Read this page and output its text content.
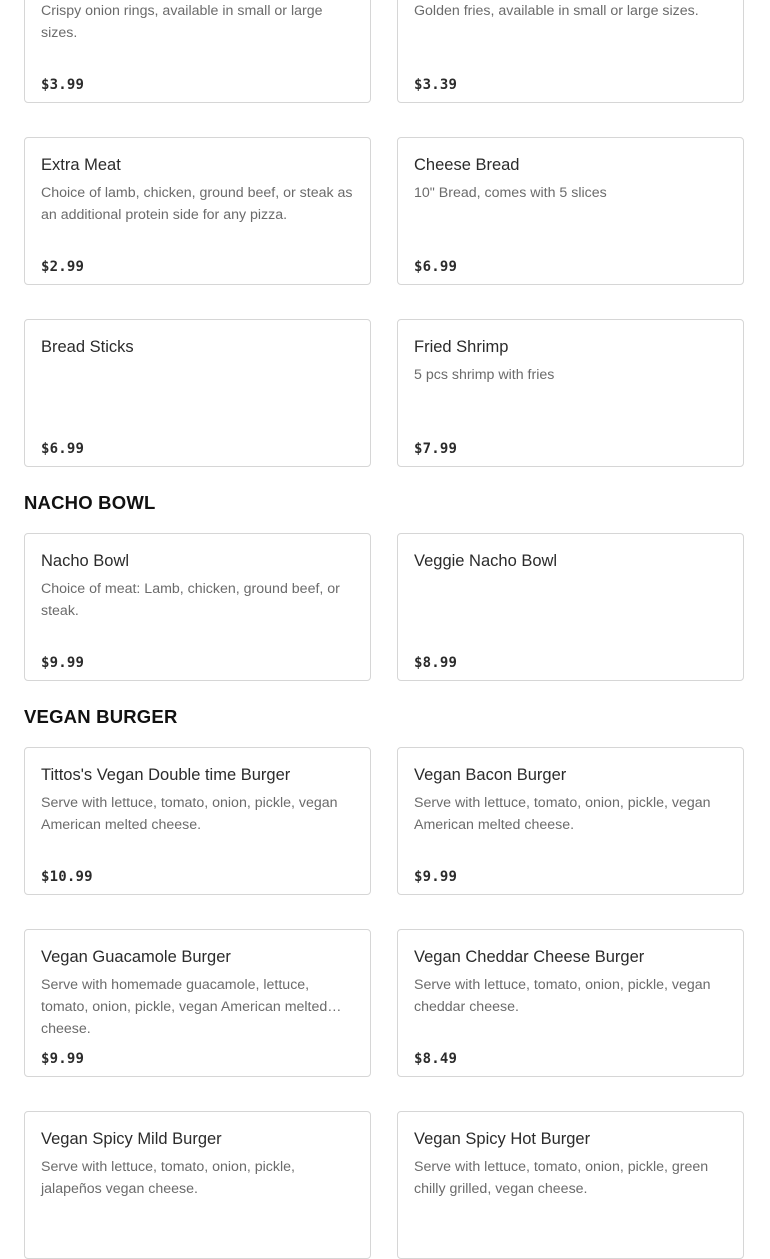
Crispy onion rings, available in small or large sizes.
$3.99
Golden fries, available in small or large sizes.
$3.39
Extra Meat
Choice of lamb, chicken, ground beef, or steak as an additional protein side for any pizza.
$2.99
Cheese Bread
10" Bread, comes with 5 slices
$6.99
Bread Sticks
$6.99
Fried Shrimp
5 pcs shrimp with fries
$7.99
NACHO BOWL
Nacho Bowl
Choice of meat: Lamb, chicken, ground beef, or steak.
$9.99
Veggie Nacho Bowl
$8.99
VEGAN BURGER
Tittos's Vegan Double time Burger
Serve with lettuce, tomato, onion, pickle, vegan American melted cheese.
$10.99
Vegan Bacon Burger
Serve with lettuce, tomato, onion, pickle, vegan American melted cheese.
$9.99
Vegan Guacamole Burger
Serve with homemade guacamole, lettuce, tomato, onion, pickle, vegan American melted cheese.
$9.99
Vegan Cheddar Cheese Burger
Serve with lettuce, tomato, onion, pickle, vegan cheddar cheese.
$8.49
Vegan Spicy Mild Burger
Serve with lettuce, tomato, onion, pickle, jalapeños vegan cheese.
Vegan Spicy Hot Burger
Serve with lettuce, tomato, onion, pickle, green chilly grilled, vegan cheese.
